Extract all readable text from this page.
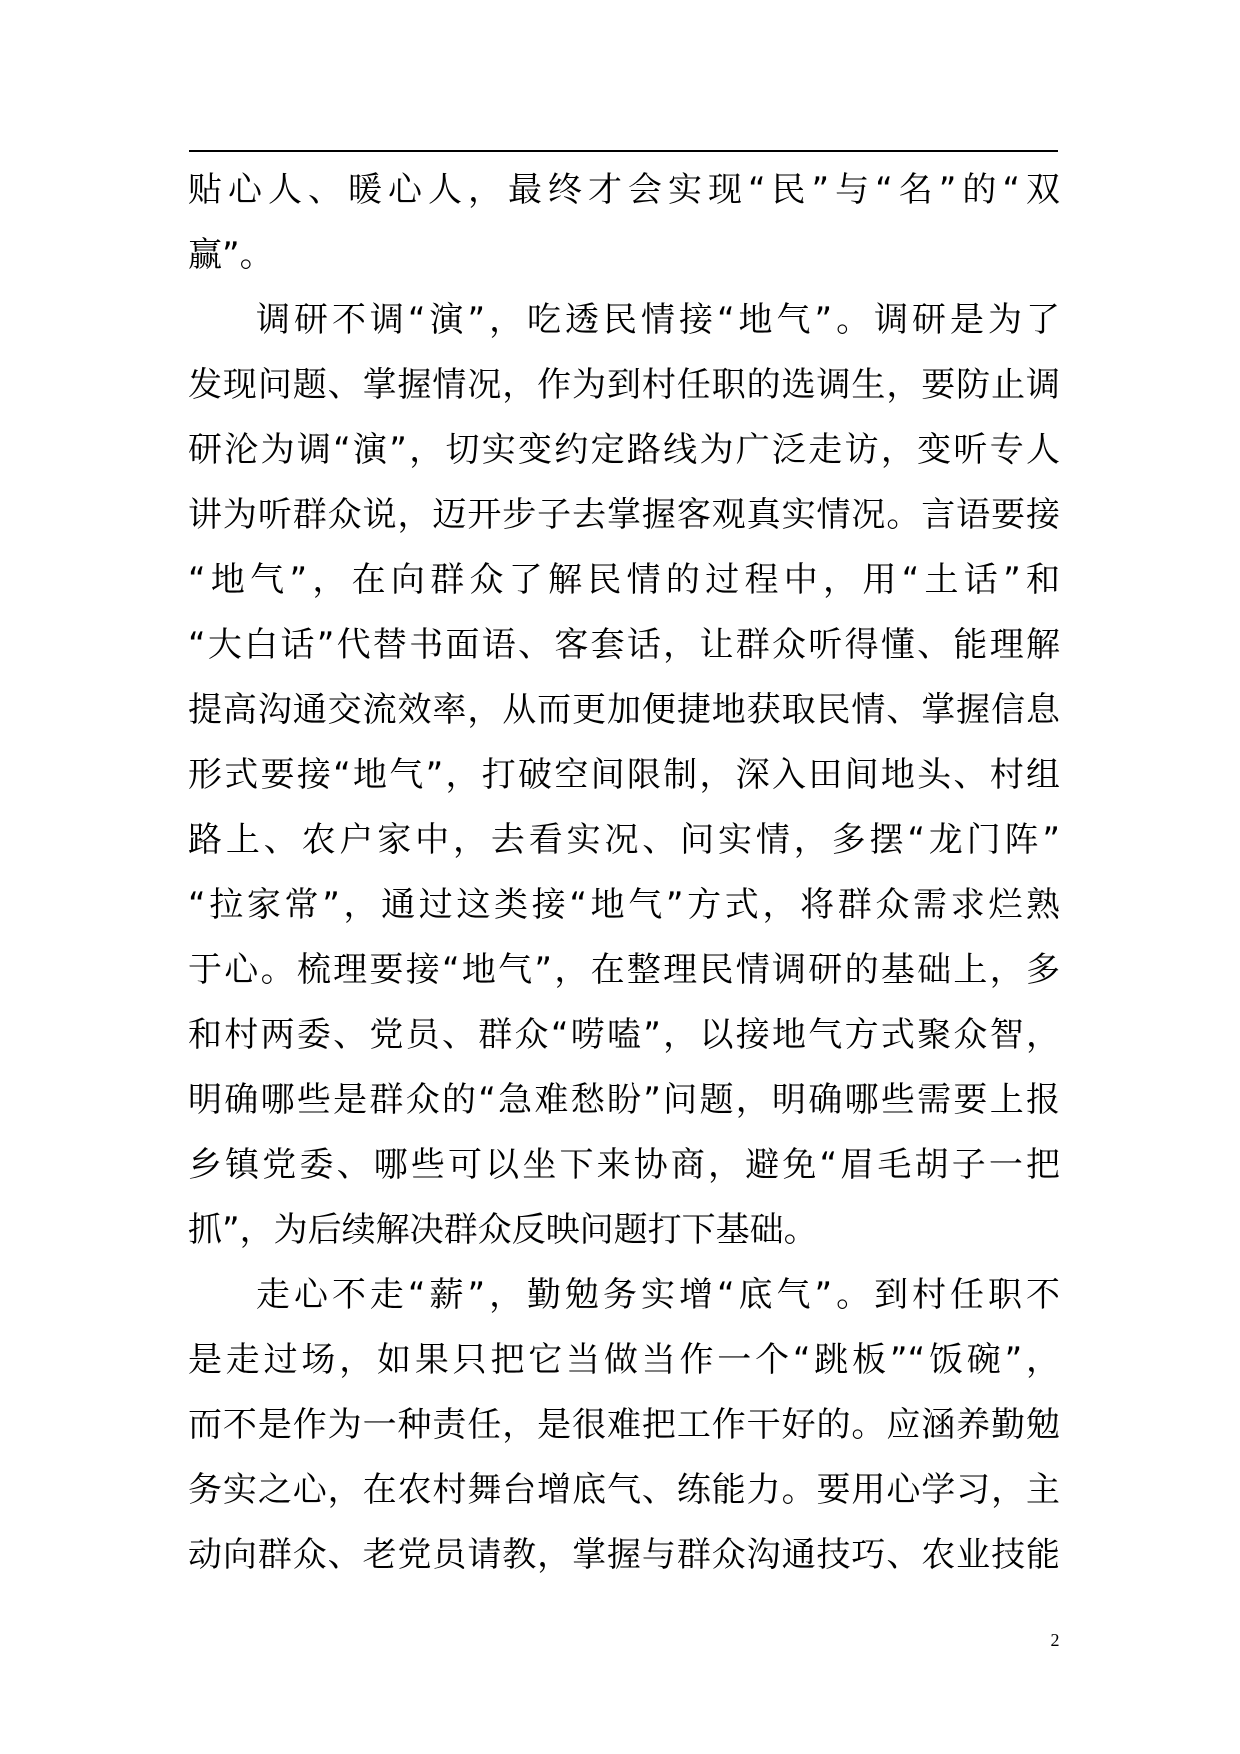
贴心人、暖心人，最终才会实现“民”与“名”的“双
赢”。
调研不调“演”，吃透民情接“地气”。调研是为了
发现问题、掌握情况，作为到村任职的选调生，要防止调
研沦为调“演”，切实变约定路线为广泛走访，变听专人
讲为听群众说，迈开步子去掌握客观真实情况。言语要接
“地气”，在向群众了解民情的过程中，用“土话”和
“大白话”代替书面语、客套话，让群众听得懂、能理解
提高沟通交流效率，从而更加便捷地获取民情、掌握信息
形式要接“地气”，打破空间限制，深入田间地头、村组
路上、农户家中，去看实况、问实情，多摆“龙门阵”
“拉家常”，通过这类接“地气”方式，将群众需求烂熟
于心。梳理要接“地气”，在整理民情调研的基础上，多
和村两委、党员、群众“唠嗑”，以接地气方式聚众智，
明确哪些是群众的“急难愁盼”问题，明确哪些需要上报
乡镇党委、哪些可以坐下来协商，避免“眉毛胡子一把
抓”，为后续解决群众反映问题打下基础。
走心不走“薪”，勤勉务实增“底气”。到村任职不
是走过场，如果只把它当做当作一个“跳板”“饭碗”，
而不是作为一种责任，是很难把工作干好的。应涵养勤勉
务实之心，在农村舞台增底气、练能力。要用心学习，主
动向群众、老党员请教，掌握与群众沟通技巧、农业技能
2
